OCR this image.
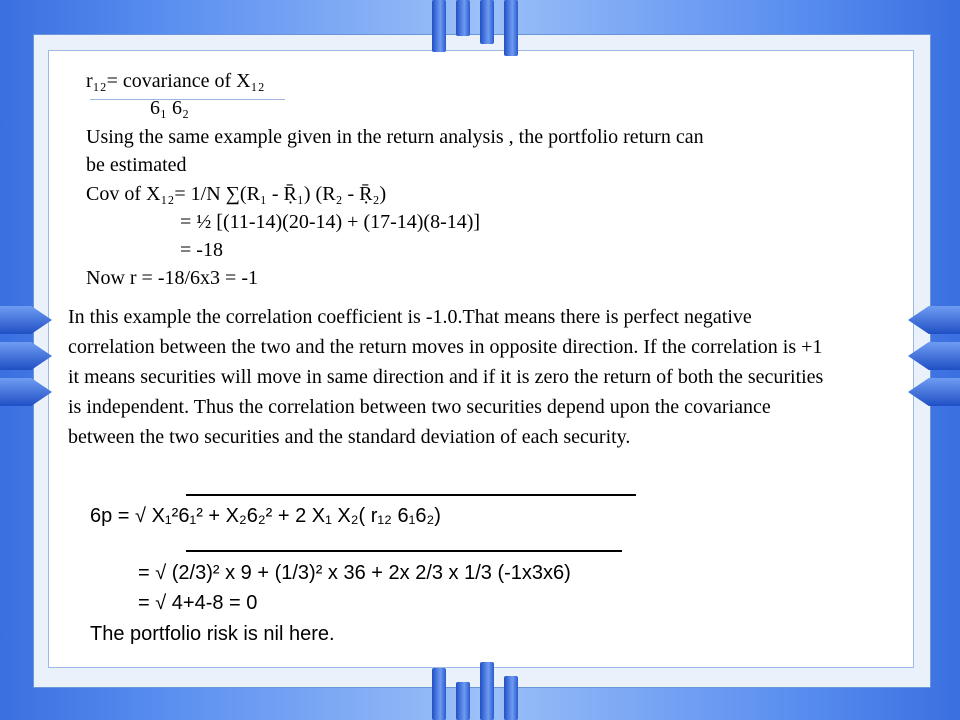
r₁₂= covariance of X₁₂
6₁ 6₂
Using the same example given in the return analysis , the portfolio return can
be estimated
Cov of X₁₂= 1/N ∑(R₁ - Ṝ₁) (R₂ - Ṝ₂)
= ½ [(11-14)(20-14) + (17-14)(8-14)]
= -18
Now r = -18/6x3 = -1
In this example the correlation coefficient is -1.0.That means there is perfect negative correlation between the two and the return moves in opposite direction. If the correlation is +1 it means securities will move in same direction and if it is zero the return of both the securities is independent. Thus the correlation between two securities depend upon the covariance between the two securities and the standard deviation of each security.
6p = √ X₁²6₁² + X₂6₂² + 2 X₁ X₂( r₁₂ 6₁6₂)
= √ (2/3)² x 9 + (1/3)² x 36 + 2x 2/3 x 1/3 (-1x3x6)
= √ 4+4-8 = 0
The portfolio risk is nil here.
